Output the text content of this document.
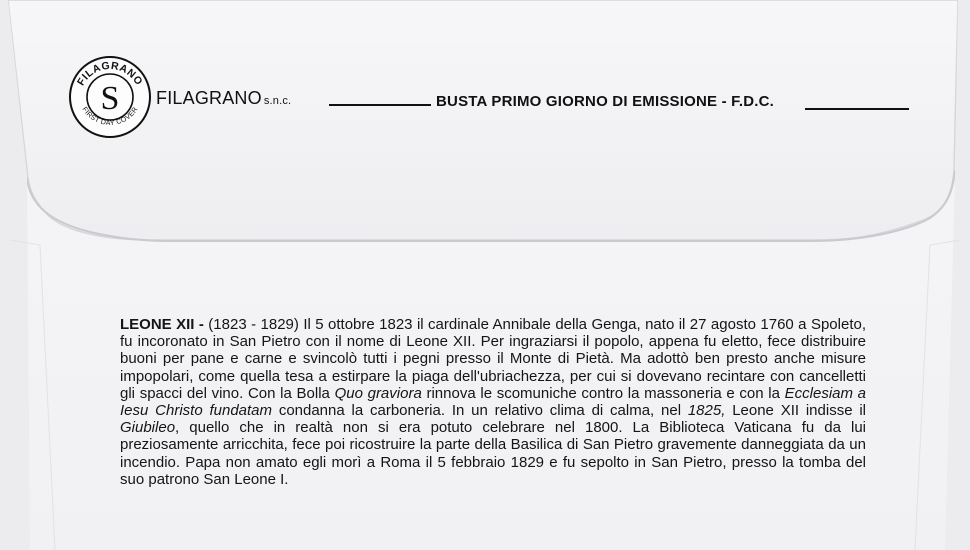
FILAGRANO
FIRST DAY COVER
S FILAGRANO s.n.c.	BUSTA PRIMO GIORNO DI EMISSIONE - F.D.C.
LEONE XII - (1823 - 1829) Il 5 ottobre 1823 il cardinale Annibale della Genga, nato il 27 agosto 1760 a Spoleto, fu incoronato in San Pietro con il nome di Leone XII. Per ingraziarsi il popolo, appena fu eletto, fece distribuire buoni per pane e carne e svincolò tutti i pegni presso il Monte di Pietà. Ma adottò ben presto anche misure impopolari, come quella tesa a estirpare la piaga dell'ubriachezza, per cui si dovevano recintare con cancelletti gli spacci del vino. Con la Bolla Quo graviora rinnova le scomuniche contro la massoneria e con la Ecclesiam a Iesu Christo fundatam condanna la carboneria. In un relativo clima di calma, nel 1825, Leone XII indisse il Giubileo, quello che in realtà non si era potuto celebrare nel 1800. La Biblioteca Vaticana fu da lui preziosamente arricchita, fece poi ricostruire la parte della Basilica di San Pietro gravemente danneggiata da un incendio. Papa non amato egli morì a Roma il 5 febbraio 1829 e fu sepolto in San Pietro, presso la tomba del suo patrono San Leone I.
